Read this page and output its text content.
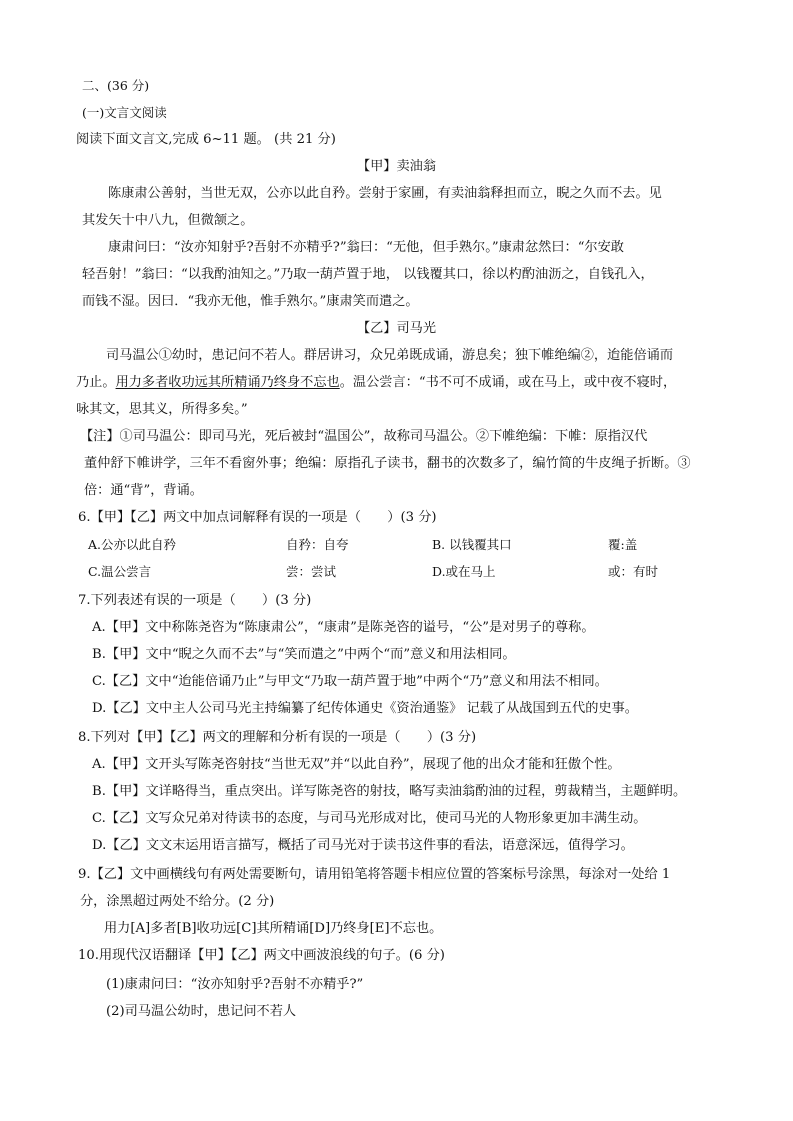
二、(36 分)
(一)文言文阅读
阅读下面文言文,完成 6~11 题。 (共 21 分)
【甲】卖油翁
陈康肃公善射，当世无双，公亦以此自矜。尝射于家圃，有卖油翁释担而立，睨之久而不去。见
其发矢十中八九，但微颔之。
康肃问曰：“汝亦知射乎?吾射不亦精乎?”翁曰：“无他，但手熟尔。”康肃忿然曰：“尔安敢
轻吾射！”翁曰：“以我酌油知之。”乃取一葫芦置于地， 以钱覆其口，徐以杓酌油沥之，自钱孔入，
而钱不湿。因曰．“我亦无他，惟手熟尔。”康肃笑而遣之。
【乙】司马光
司马温公①幼时，患记问不若人。群居讲习，众兄弟既成诵，游息矣；独下帷绝编②，迨能倍诵而
乃止。用力多者收功远其所精诵乃终身不忘也。温公尝言：“书不可不成诵，或在马上，或中夜不寝时，
咏其文，思其义，所得多矣。”
【注】①司马温公：即司马光，死后被封“温国公”，故称司马温公。②下帷绝编：下帷：原指汉代
董仲舒下帷讲学，三年不看窗外事；绝编：原指孔子读书，翻书的次数多了，编竹简的牛皮绳子折断。③
倍：通“背”，背诵。
6.【甲】【乙】两文中加点词解释有误的一项是（　　）(3 分)
A.公亦以此自矜	自矜：自夸	B. 以钱覆其口	覆:盖
C.温公尝言	尝：尝试	D.或在马上	或：有时
7.下列表述有误的一项是（　　）(3 分)
A.【甲】文中称陈尧咨为“陈康肃公”，“康肃”是陈尧咨的谥号，“公”是对男子的尊称。
B.【甲】文中“睨之久而不去”与“笑而遣之”中两个“而”意义和用法相同。
C.【乙】文中“迨能倍诵乃止”与甲文“乃取一葫芦置于地”中两个“乃”意义和用法不相同。
D.【乙】文中主人公司马光主持编纂了纪传体通史《资治通鉴》 记载了从战国到五代的史事。
8.下列对【甲】【乙】两文的理解和分析有误的一项是（　　）(3 分)
A.【甲】文开头写陈尧咨射技“当世无双”并“以此自矜”，展现了他的出众才能和狂傲个性。
B.【甲】文详略得当，重点突出。详写陈尧咨的射技，略写卖油翁酌油的过程，剪裁精当，主题鲜明。
C.【乙】文写众兄弟对待读书的态度，与司马光形成对比，使司马光的人物形象更加丰满生动。
D.【乙】文文末运用语言描写，概括了司马光对于读书这件事的看法，语意深远，值得学习。
9.【乙】文中画横线句有两处需要断句，请用铅笔将答题卡相应位置的答案标号涂黑，每涂对一处给 1
分，涂黑超过两处不给分。(2 分)
用力[A]多者[B]收功远[C]其所精诵[D]乃终身[E]不忘也。
10.用现代汉语翻译【甲】【乙】两文中画波浪线的句子。(6 分)
(1)康肃问曰：“汝亦知射乎?吾射不亦精乎?”
(2)司马温公幼时，患记问不若人
